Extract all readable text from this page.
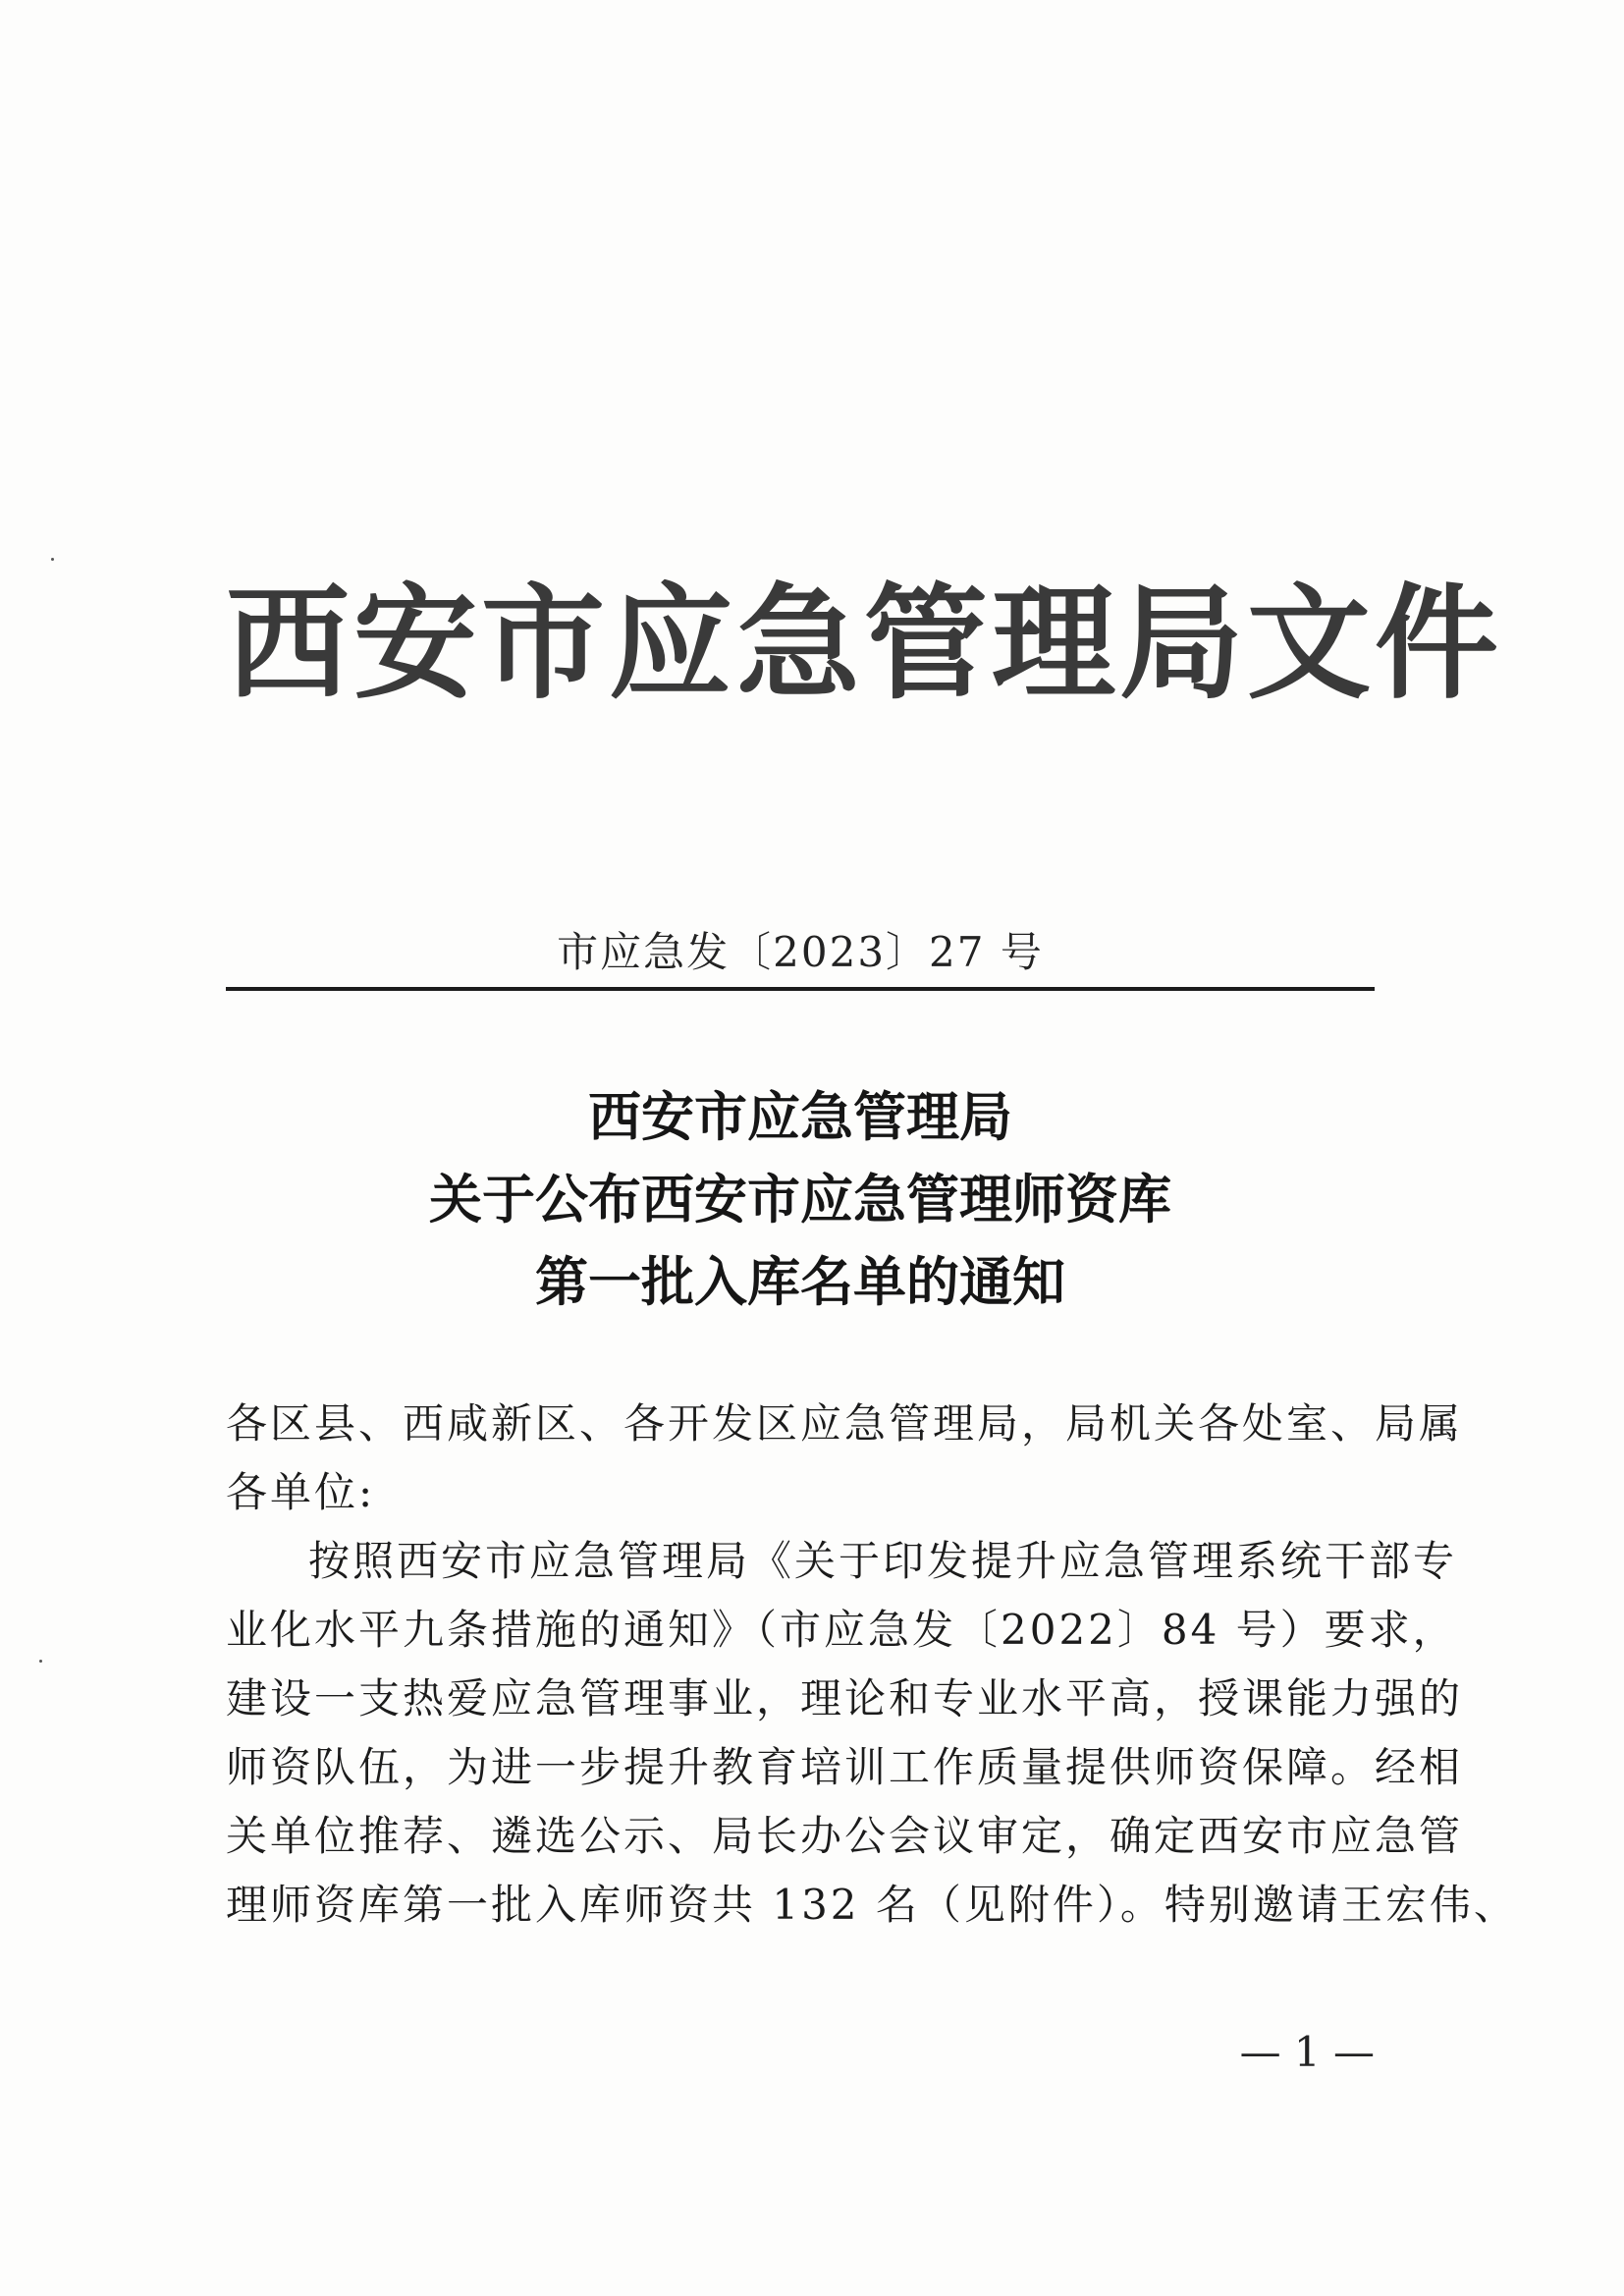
西安市应急管理局文件
市应急发〔2023〕27 号
西安市应急管理局
关于公布西安市应急管理师资库
第一批入库名单的通知
各区县、西咸新区、各开发区应急管理局，局机关各处室、局属
各单位:
按照西安市应急管理局《关于印发提升应急管理系统干部专
业化水平九条措施的通知》（市应急发〔2022〕84 号）要求，
建设一支热爱应急管理事业，理论和专业水平高，授课能力强的
师资队伍，为进一步提升教育培训工作质量提供师资保障。经相
关单位推荐、遴选公示、局长办公会议审定，确定西安市应急管
理师资库第一批入库师资共 132 名（见附件）。特别邀请王宏伟、
— 1 —
